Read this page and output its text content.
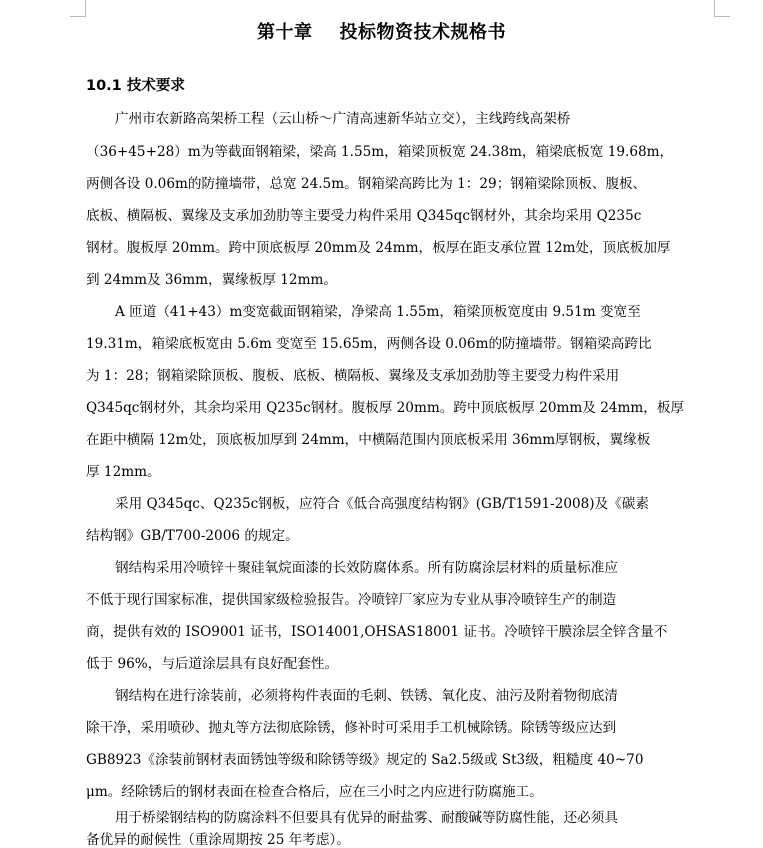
第十章    投标物资技术规格书
10.1 技术要求
广州市农新路高架桥工程（云山桥～广清高速新华站立交），主线跨线高架桥
（36+45+28）m为等截面钢箱梁，梁高 1.55m，箱梁顶板宽 24.38m，箱梁底板宽 19.68m，
两侧各设 0.06m的防撞墙带，总宽 24.5m。钢箱梁高跨比为 1：29；钢箱梁除顶板、腹板、
底板、横隔板、翼缘及支承加劲肋等主要受力构件采用 Q345qc钢材外，其余均采用 Q235c
钢材。腹板厚 20mm。跨中顶底板厚 20mm及 24mm，板厚在距支承位置 12m处，顶底板加厚
到 24mm及 36mm，翼缘板厚 12mm。
A 匝道（41+43）m变宽截面钢箱梁，净梁高 1.55m，箱梁顶板宽度由 9.51m 变宽至
19.31m，箱梁底板宽由 5.6m 变宽至 15.65m，两侧各设 0.06m的防撞墙带。钢箱梁高跨比
为 1：28；钢箱梁除顶板、腹板、底板、横隔板、翼缘及支承加劲肋等主要受力构件采用
Q345qc钢材外，其余均采用 Q235c钢材。腹板厚 20mm。跨中顶底板厚 20mm及 24mm，板厚
在距中横隔 12m处，顶底板加厚到 24mm，中横隔范围内顶底板采用 36mm厚钢板，翼缘板
厚 12mm。
采用 Q345qc、Q235c钢板，应符合《低合高强度结构钢》(GB/T1591-2008)及《碳素
结构钢》GB/T700-2006 的规定。
钢结构采用冷喷锌＋聚硅氧烷面漆的长效防腐体系。所有防腐涂层材料的质量标准应
不低于现行国家标准，提供国家级检验报告。冷喷锌厂家应为专业从事冷喷锌生产的制造
商，提供有效的 ISO9001 证书，ISO14001,OHSAS18001 证书。冷喷锌干膜涂层全锌含量不
低于 96%，与后道涂层具有良好配套性。
钢结构在进行涂装前，必须将构件表面的毛刺、铁锈、氧化皮、油污及附着物彻底清
除干净，采用喷砂、抛丸等方法彻底除锈，修补时可采用手工机械除锈。除锈等级应达到
GB8923《涂装前钢材表面锈蚀等级和除锈等级》规定的 Sa2.5级或 St3级，粗糙度 40~70
μm。经除锈后的钢材表面在检查合格后，应在三小时之内应进行防腐施工。
用于桥梁钢结构的防腐涂料不但要具有优异的耐盐雾、耐酸碱等防腐性能，还必须具
备优异的耐候性（重涂周期按 25 年考虑）。
